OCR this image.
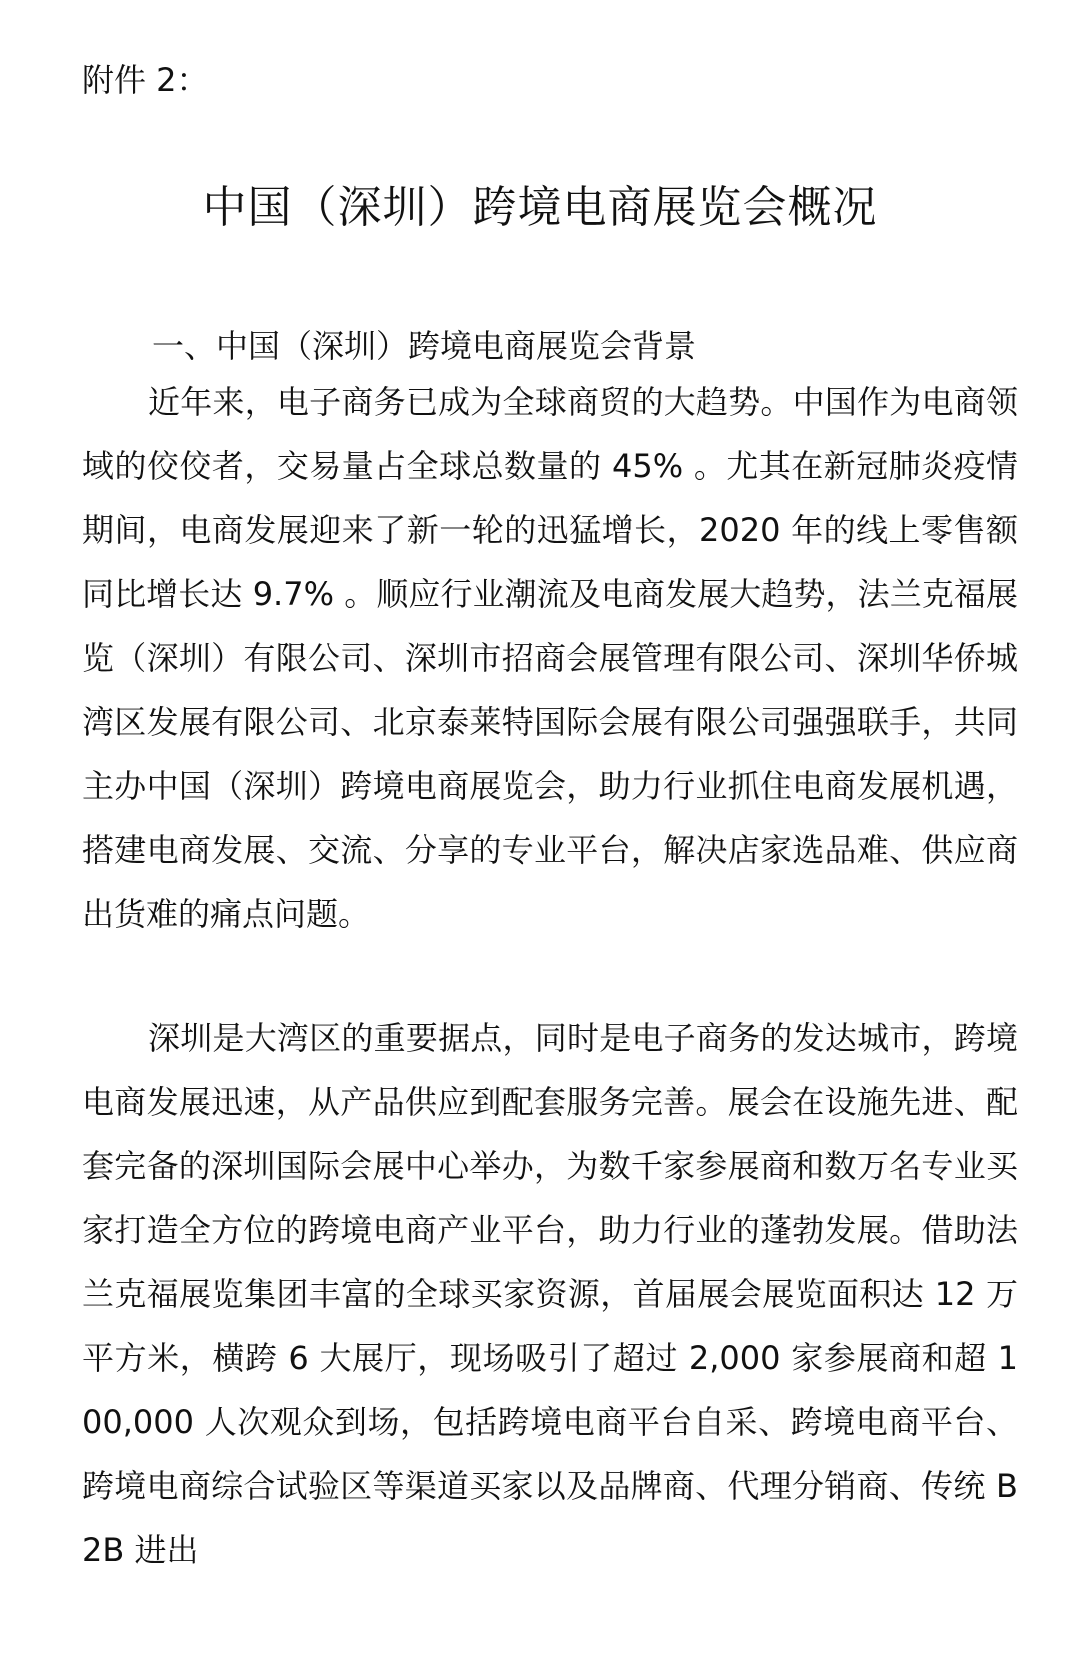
附件 2：

中国（深圳）跨境电商展览会概况
一、中国（深圳）跨境电商展览会背景

近年来，电子商务已成为全球商贸的大趋势。中国作为电商领域的佼佼者，交易量占全球总数量的 45% 。尤其在新冠肺炎疫情期间，电商发展迎来了新一轮的迅猛增长，2020 年的线上零售额同比增长达 9.7% 。顺应行业潮流及电商发展大趋势，法兰克福展览（深圳）有限公司、深圳市招商会展管理有限公司、深圳华侨城湾区发展有限公司、北京泰莱特国际会展有限公司强强联手，共同主办中国（深圳）跨境电商展览会，助力行业抓住电商发展机遇，搭建电商发展、交流、分享的专业平台，解决店家选品难、供应商出货难的痛点问题。

深圳是大湾区的重要据点，同时是电子商务的发达城市，跨境电商发展迅速，从产品供应到配套服务完善。展会在设施先进、配套完备的深圳国际会展中心举办，为数千家参展商和数万名专业买家打造全方位的跨境电商产业平台，助力行业的蓬勃发展。借助法兰克福展览集团丰富的全球买家资源，首届展会展览面积达 12 万平方米，横跨 6 大展厅，现场吸引了超过 2,000 家参展商和超 100,000 人次观众到场，包括跨境电商平台自采、跨境电商平台、跨境电商综合试验区等渠道买家以及品牌商、代理分销商、传统 B2B 进出
